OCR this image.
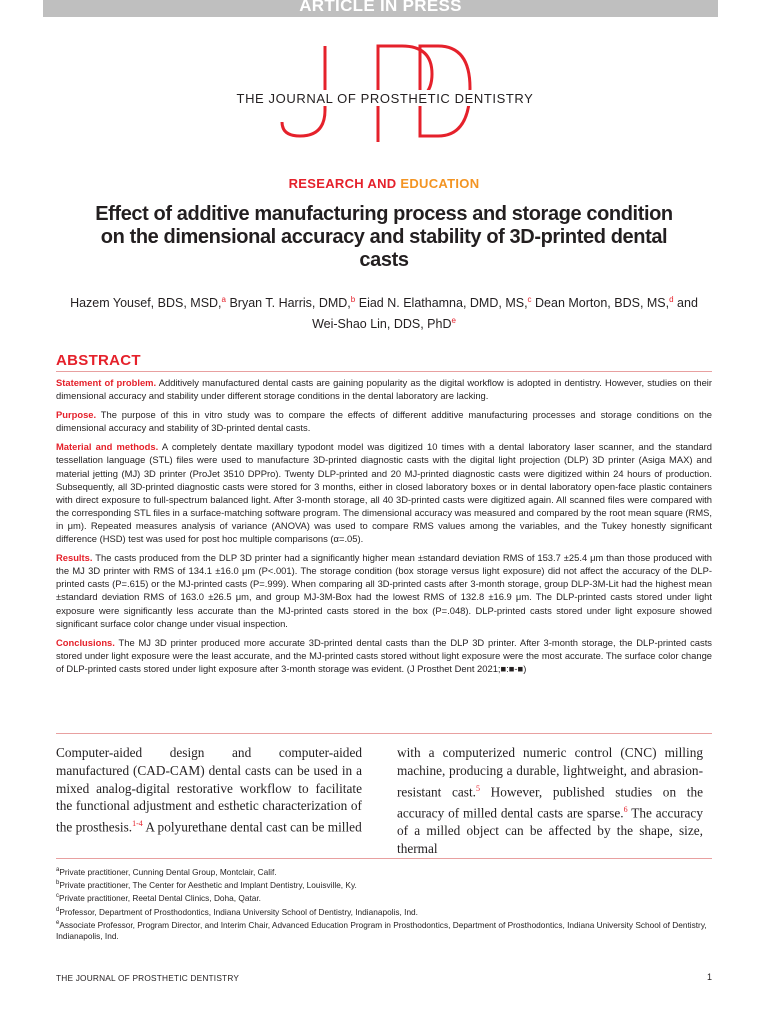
ARTICLE IN PRESS
THE JOURNAL OF PROSTHETIC DENTISTRY
RESEARCH AND EDUCATION
Effect of additive manufacturing process and storage condition
on the dimensional accuracy and stability of 3D-printed dental
casts
Hazem Yousef, BDS, MSD,$^a$ Bryan T. Harris, DMD,$^b$ Eiad N. Elathamna, DMD, MS,$^c$ Dean Morton, BDS, MS,$^d$ and
Wei-Shao Lin, DDS, PhD$^e$
ABSTRACT

Statement of problem. Additively manufactured dental casts are gaining popularity as the digital workflow is adopted in dentistry. However, studies on their dimensional accuracy and stability under different storage conditions in the dental laboratory are lacking.

Purpose. The purpose of this in vitro study was to compare the effects of different additive manufacturing processes and storage conditions on the dimensional accuracy and stability of 3D-printed dental casts.

Material and methods. A completely dentate maxillary typodont model was digitized 10 times with a dental laboratory laser scanner, and the standard tessellation language (STL) files were used to manufacture 3D-printed diagnostic casts with the digital light projection (DLP) 3D printer (Asiga MAX) and material jetting (MJ) 3D printer (ProJet 3510 DPPro). Twenty DLP-printed and 20 MJ-printed diagnostic casts were digitized within 24 hours of production. Subsequently, all 3D-printed diagnostic casts were stored for 3 months, either in closed laboratory boxes or in dental laboratory open-face plastic containers with direct exposure to full-spectrum balanced light. After 3-month storage, all 40 3D-printed casts were digitized again. All scanned files were compared with the corresponding STL files in a surface-matching software program. The dimensional accuracy was measured and compared by the root mean square (RMS, in μm). Repeated measures analysis of variance (ANOVA) was used to compare RMS values among the variables, and the Tukey honestly significant difference (HSD) test was used for post hoc multiple comparisons (α=.05).

Results. The casts produced from the DLP 3D printer had a significantly higher mean ±standard deviation RMS of 153.7 ±25.4 μm than those produced with the MJ 3D printer with RMS of 134.1 ±16.0 μm (P<.001). The storage condition (box storage versus light exposure) did not affect the accuracy of the DLP-printed casts (P=.615) or the MJ-printed casts (P=.999). When comparing all 3D-printed casts after 3-month storage, group DLP-3M-Lit had the highest mean ±standard deviation RMS of 163.0 ±26.5 μm, and group MJ-3M-Box had the lowest RMS of 132.8 ±16.9 μm. The DLP-printed casts stored under light exposure were significantly less accurate than the MJ-printed casts stored in the box (P=.048). DLP-printed casts stored under light exposure showed significant surface color change under visual inspection.

Conclusions. The MJ 3D printer produced more accurate 3D-printed dental casts than the DLP 3D printer. After 3-month storage, the DLP-printed casts stored under light exposure were the least accurate, and the MJ-printed casts stored without light exposure were the most accurate. The surface color change of DLP-printed casts stored under light exposure after 3-month storage was evident. (J Prosthet Dent 2021;■:■-■)

Computer-aided design and computer-aided manufactured (CAD-CAM) dental casts can be used in a mixed analog-digital restorative workflow to facilitate the functional adjustment and esthetic characterization of the prosthesis.$^{1-4}$ A polyurethane dental cast can be milled
with a computerized numeric control (CNC) milling machine, producing a durable, lightweight, and abrasion-resistant cast.$^5$ However, published studies on the accuracy of milled dental casts are sparse.$^6$ The accuracy of a milled object can be affected by the shape, size, thermal
$^a$Private practitioner, Cunning Dental Group, Montclair, Calif.
$^b$Private practitioner, The Center for Aesthetic and Implant Dentistry, Louisville, Ky.
$^c$Private practitioner, Reetal Dental Clinics, Doha, Qatar.
$^d$Professor, Department of Prosthodontics, Indiana University School of Dentistry, Indianapolis, Ind.
$^e$Associate Professor, Program Director, and Interim Chair, Advanced Education Program in Prosthodontics, Department of Prosthodontics, Indiana University School of Dentistry, Indianapolis, Ind.
THE JOURNAL OF PROSTHETIC DENTISTRY	1
